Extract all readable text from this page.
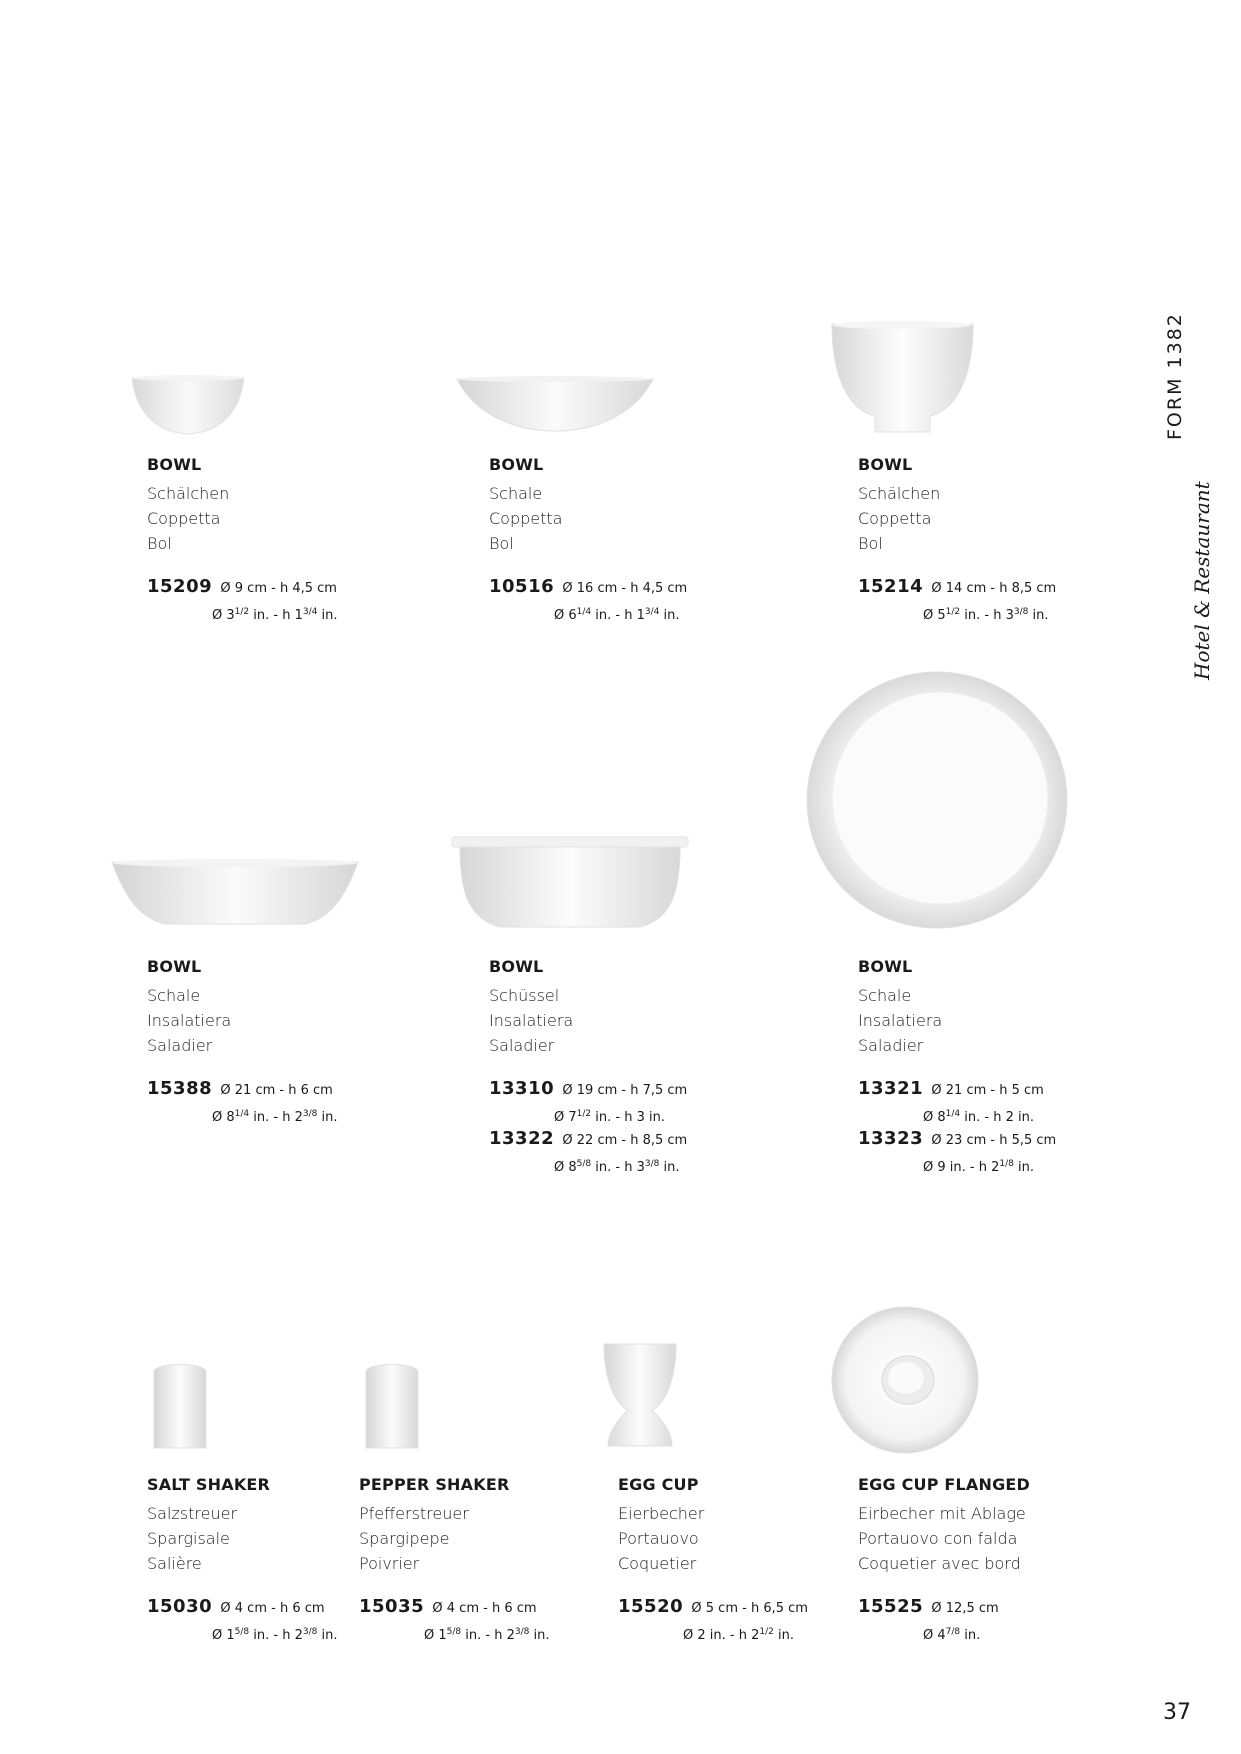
FORM 1382
Hotel & Restaurant
BOWL
Schälchen
Coppetta
Bol
15209 Ø 9 cm - h 4,5 cm
Ø $3^{1/2}$ in. - h $1^{3/4}$ in.
BOWL
Schale
Coppetta
Bol
10516 Ø 16 cm - h 4,5 cm
Ø $6^{1/4}$ in. - h $1^{3/4}$ in.
BOWL
Schälchen
Coppetta
Bol
15214 Ø 14 cm - h 8,5 cm
Ø $5^{1/2}$ in. - h $3^{3/8}$ in.
BOWL
Schale
Insalatiera
Saladier
15388 Ø 21 cm - h 6 cm
Ø $8^{1/4}$ in. - h $2^{3/8}$ in.
BOWL
Schüssel
Insalatiera
Saladier
13310 Ø 19 cm - h 7,5 cm
Ø $7^{1/2}$ in. - h 3 in.
13322 Ø 22 cm - h 8,5 cm
Ø $8^{5/8}$ in. - h $3^{3/8}$ in.
BOWL
Schale
Insalatiera
Saladier
13321 Ø 21 cm - h 5 cm
Ø $8^{1/4}$ in. - h 2 in.
13323 Ø 23 cm - h 5,5 cm
Ø 9 in. - h $2^{1/8}$ in.
SALT SHAKER
Salzstreuer
Spargisale
Salière
15030 Ø 4 cm - h 6 cm
Ø $1^{5/8}$ in. - h $2^{3/8}$ in.
PEPPER SHAKER
Pfefferstreuer
Spargipepe
Poivrier
15035 Ø 4 cm - h 6 cm
Ø $1^{5/8}$ in. - h $2^{3/8}$ in.
EGG CUP
Eierbecher
Portauovo
Coquetier
15520 Ø 5 cm - h 6,5 cm
Ø 2 in. - h $2^{1/2}$ in.
EGG CUP FLANGED
Eirbecher mit Ablage
Portauovo con falda
Coquetier avec bord
15525 Ø 12,5 cm
Ø $4^{7/8}$ in.
37
